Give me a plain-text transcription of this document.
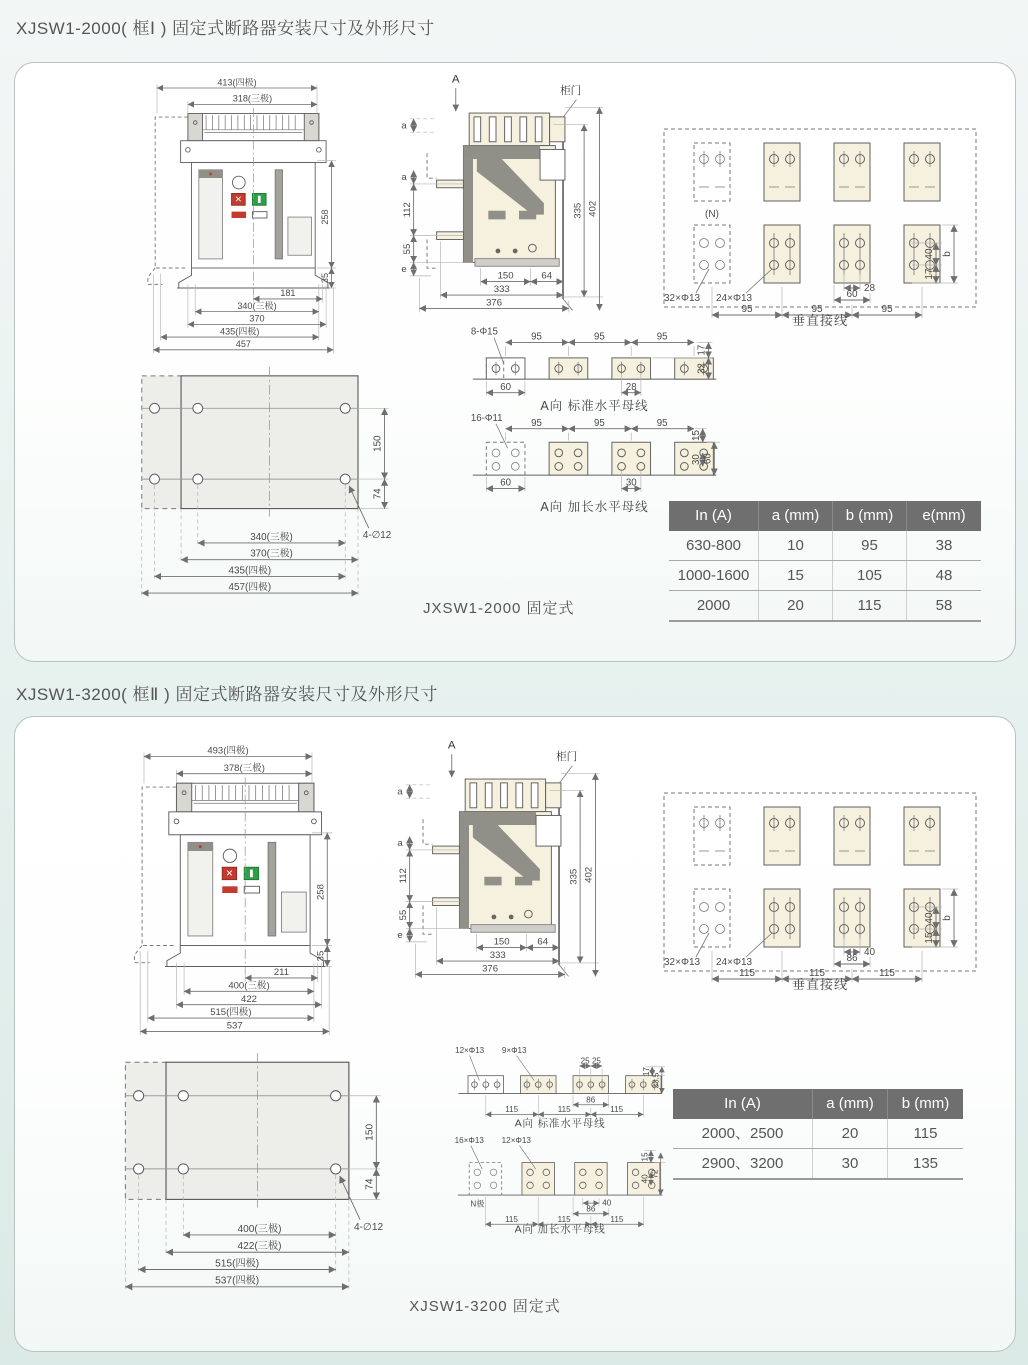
XJSW1-2000( 框Ⅰ ) 固定式断路器安装尺寸及外形尺寸
413(四极)
318(三极)
258
35
181
340(三极)
370
435(四极)
457
A
柜门
335 402
a
a
112
55
e
150	64
333
376
(N)
32×Φ13 24×Φ13
28
60
95	95	95
40
17
b
垂直接线
95	95	95
8-Φ15
60	28
17
32
A向 标准水平母线
95	95	95
16-Φ11
60	30
15
30 60
A向 加长水平母线
150
74
4-∅12
340(三极)
370(三极)
435(四极)
457(四极)
In (A)	a (mm)	b (mm)	e(mm)
630-800	10	95	38
1000-1600	15	105	48
2000	20	115	58
JXSW1-2000 固定式
XJSW1-3200( 框Ⅱ ) 固定式断路器安装尺寸及外形尺寸
493(四极)
378(三极)
258
35
211
400(三极)
422
515(四极)
537
A
柜门
335 402
a
a
112
55
e
150	64
333
376
32×Φ13 24×Φ13
40
86
115	115	115
40
15
b
垂直接线
150
74
4-∅12
400(三极)
422(三极)
515(四极)
537(四极)
12×Φ13 9×Φ13
25 25
17
33.5
86
115	115	115
A向 标准水平母线
16×Φ13 12×Φ13
15
40
72
N极	40
86
115	115	115
A向 加长水平母线
In (A)	a (mm)	b (mm)
2000、2500	20	115
2900、3200	30	135
XJSW1-3200 固定式
